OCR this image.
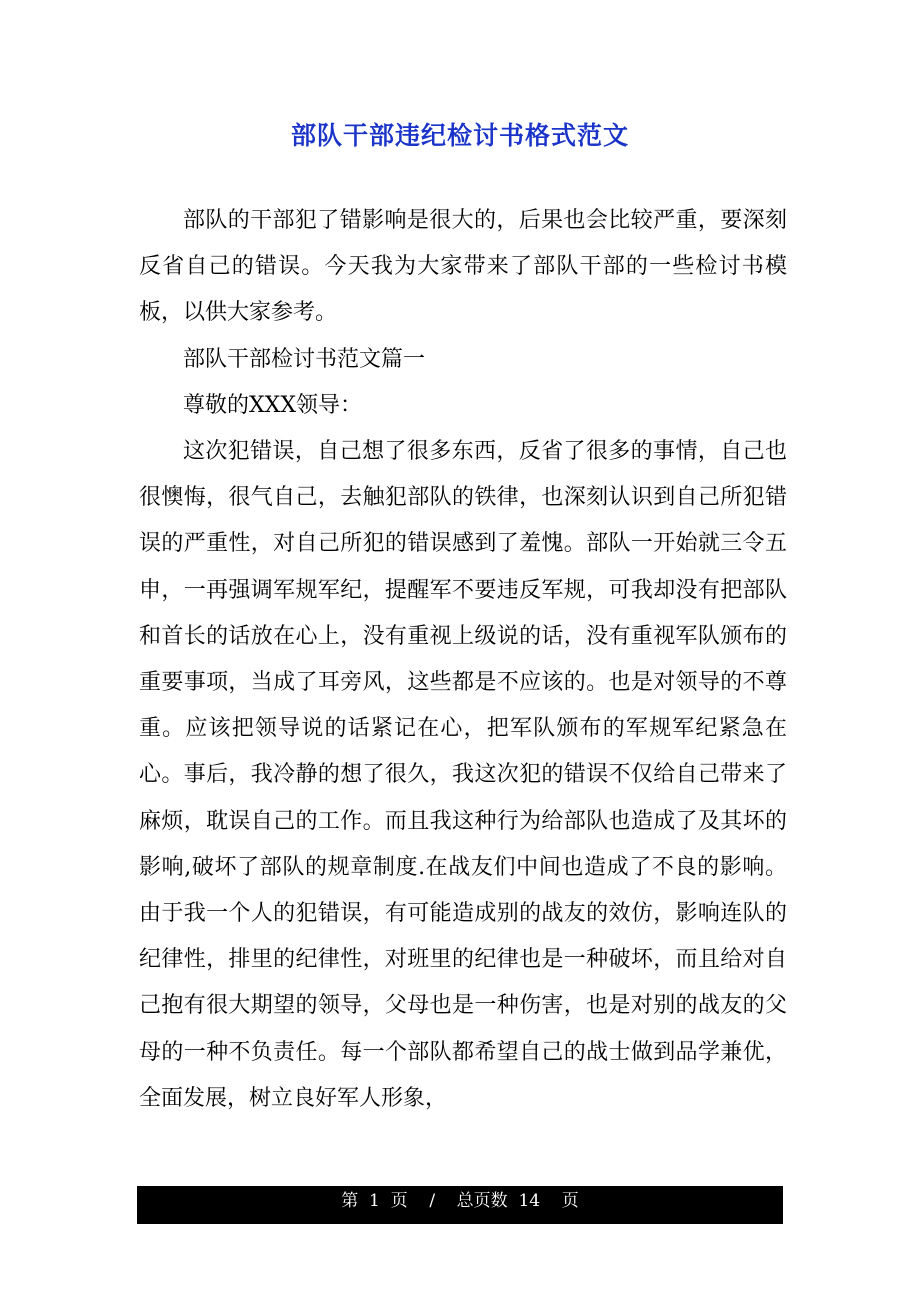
部队干部违纪检讨书格式范文

部队的干部犯了错影响是很大的，后果也会比较严重，要深刻反省自己的错误。今天我为大家带来了部队干部的一些检讨书模板，以供大家参考。

部队干部检讨书范文篇一

尊敬的XXX领导：

这次犯错误，自己想了很多东西，反省了很多的事情，自己也很懊悔，很气自己，去触犯部队的铁律，也深刻认识到自己所犯错误的严重性，对自己所犯的错误感到了羞愧。部队一开始就三令五申，一再强调军规军纪，提醒军不要违反军规，可我却没有把部队和首长的话放在心上，没有重视上级说的话，没有重视军队颁布的重要事项，当成了耳旁风，这些都是不应该的。也是对领导的不尊重。应该把领导说的话紧记在心，把军队颁布的军规军纪紧急在心。事后，我冷静的想了很久，我这次犯的错误不仅给自己带来了麻烦，耽误自己的工作。而且我这种行为给部队也造成了及其坏的影响,破坏了部队的规章制度.在战友们中间也造成了不良的影响。由于我一个人的犯错误，有可能造成别的战友的效仿，影响连队的纪律性，排里的纪律性，对班里的纪律也是一种破坏，而且给对自己抱有很大期望的领导，父母也是一种伤害，也是对别的战友的父母的一种不负责任。每一个部队都希望自己的战士做到品学兼优，全面发展，树立良好军人形象，

第 1 页 / 总页数 14 页
